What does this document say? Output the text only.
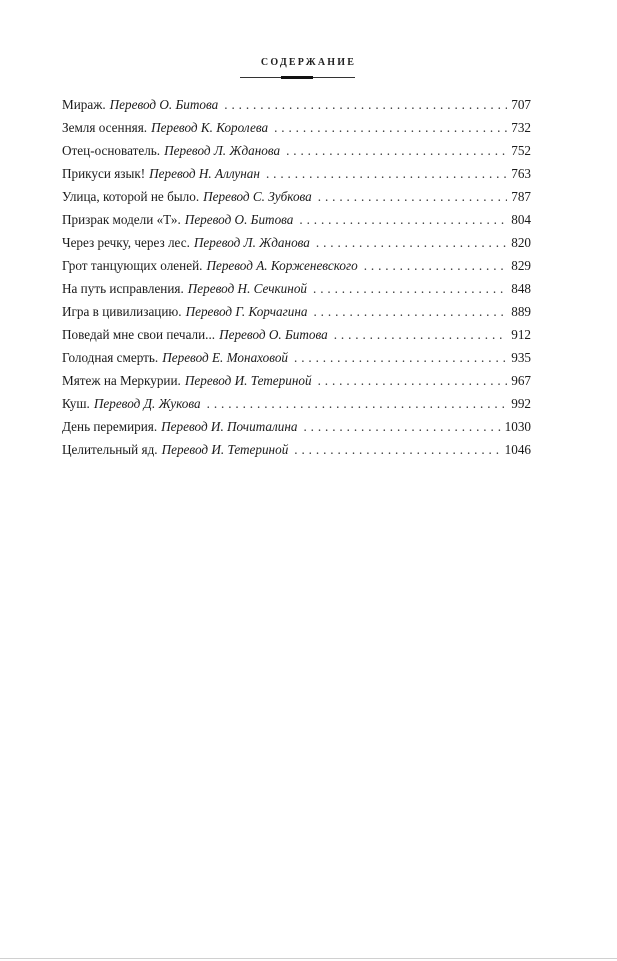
СОДЕРЖАНИЕ
Мираж. Перевод О. Битова . . .	707
Земля осенняя. Перевод К. Королева . . .	732
Отец-основатель. Перевод Л. Жданова . . .	752
Прикуси язык! Перевод Н. Аллунан . . .	763
Улица, которой не было. Перевод С. Зубкова . . .	787
Призрак модели «Т». Перевод О. Битова . . .	804
Через речку, через лес. Перевод Л. Жданова . . .	820
Грот танцующих оленей. Перевод А. Корженевского . . .	829
На путь исправления. Перевод Н. Сечкиной . . .	848
Игра в цивилизацию. Перевод Г. Корчагина . . .	889
Поведай мне свои печали... Перевод О. Битова . . .	912
Голодная смерть. Перевод Е. Монаховой . . .	935
Мятеж на Меркурии. Перевод И. Тетериной . . .	967
Куш. Перевод Д. Жукова . . .	992
День перемирия. Перевод И. Почиталина . . .	1030
Целительный яд. Перевод И. Тетериной . . .	1046
